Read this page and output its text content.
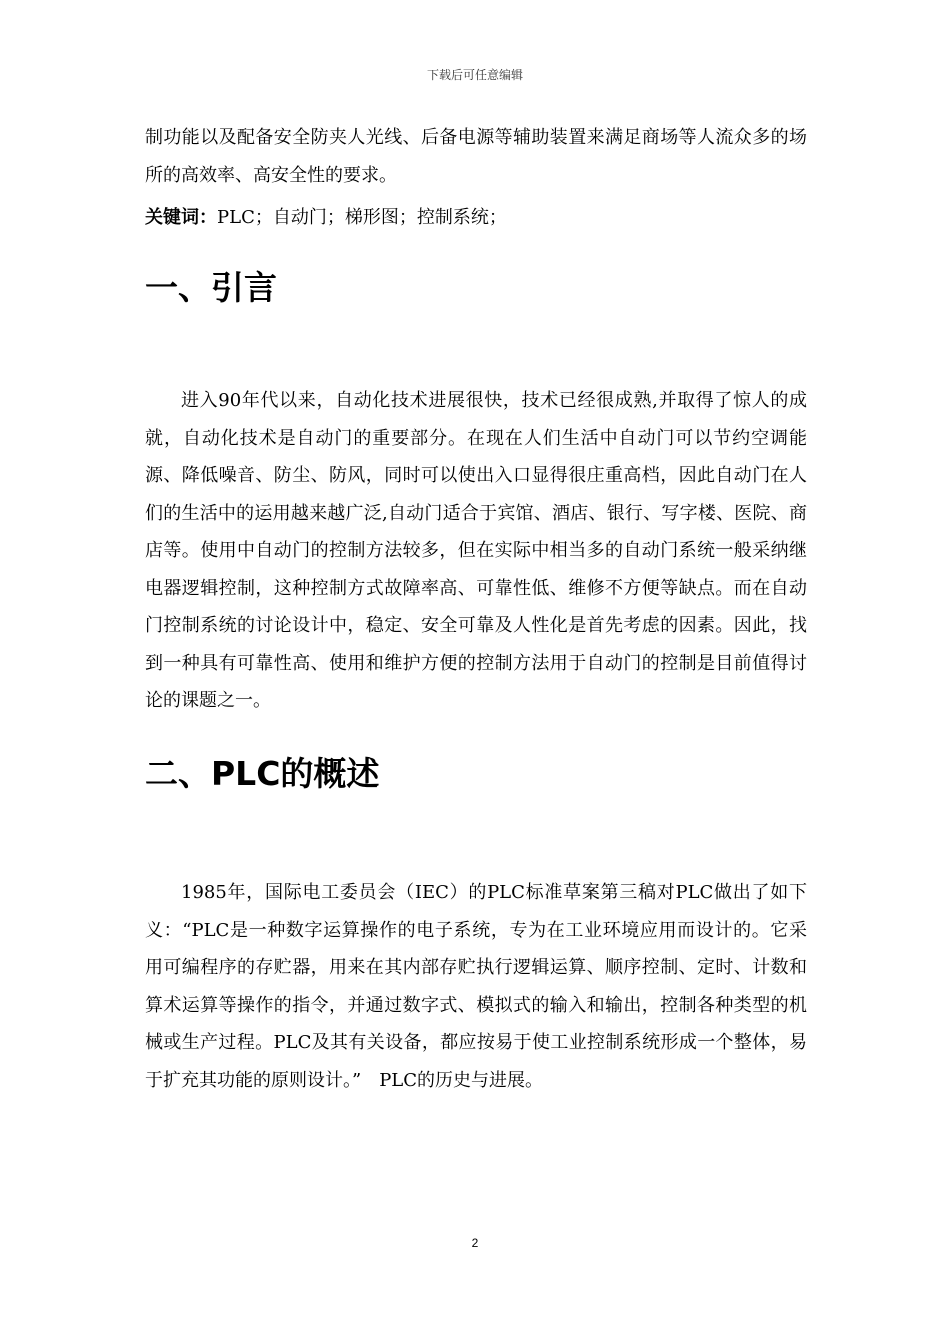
下载后可任意编辑

制功能以及配备安全防夹人光线、后备电源等辅助装置来满足商场等人流众多的场所的高效率、高安全性的要求。

关键词：PLC；自动门；梯形图；控制系统；

一、引言

进入90年代以来，自动化技术进展很快，技术已经很成熟,并取得了惊人的成就，自动化技术是自动门的重要部分。在现在人们生活中自动门可以节约空调能源、降低噪音、防尘、防风，同时可以使出入口显得很庄重高档，因此自动门在人们的生活中的运用越来越广泛,自动门适合于宾馆、酒店、银行、写字楼、医院、商店等。使用中自动门的控制方法较多，但在实际中相当多的自动门系统一般采纳继电器逻辑控制，这种控制方式故障率高、可靠性低、维修不方便等缺点。而在自动门控制系统的讨论设计中，稳定、安全可靠及人性化是首先考虑的因素。因此，找到一种具有可靠性高、使用和维护方便的控制方法用于自动门的控制是目前值得讨论的课题之一。

二、PLC的概述

1985年，国际电工委员会（IEC）的PLC标准草案第三稿对PLC做出了如下义：“PLC是一种数字运算操作的电子系统，专为在工业环境应用而设计的。它采　用可编程序的存贮器，用来在其内部存贮执行逻辑运算、顺序控制、定时、计数和　算术运算等操作的指令，并通过数字式、模拟式的输入和输出，控制各种类型的机　械或生产过程。PLC及其有关设备，都应按易于使工业控制系统形成一个整体，易　于扩充其功能的原则设计。”　PLC的历史与进展。

2
